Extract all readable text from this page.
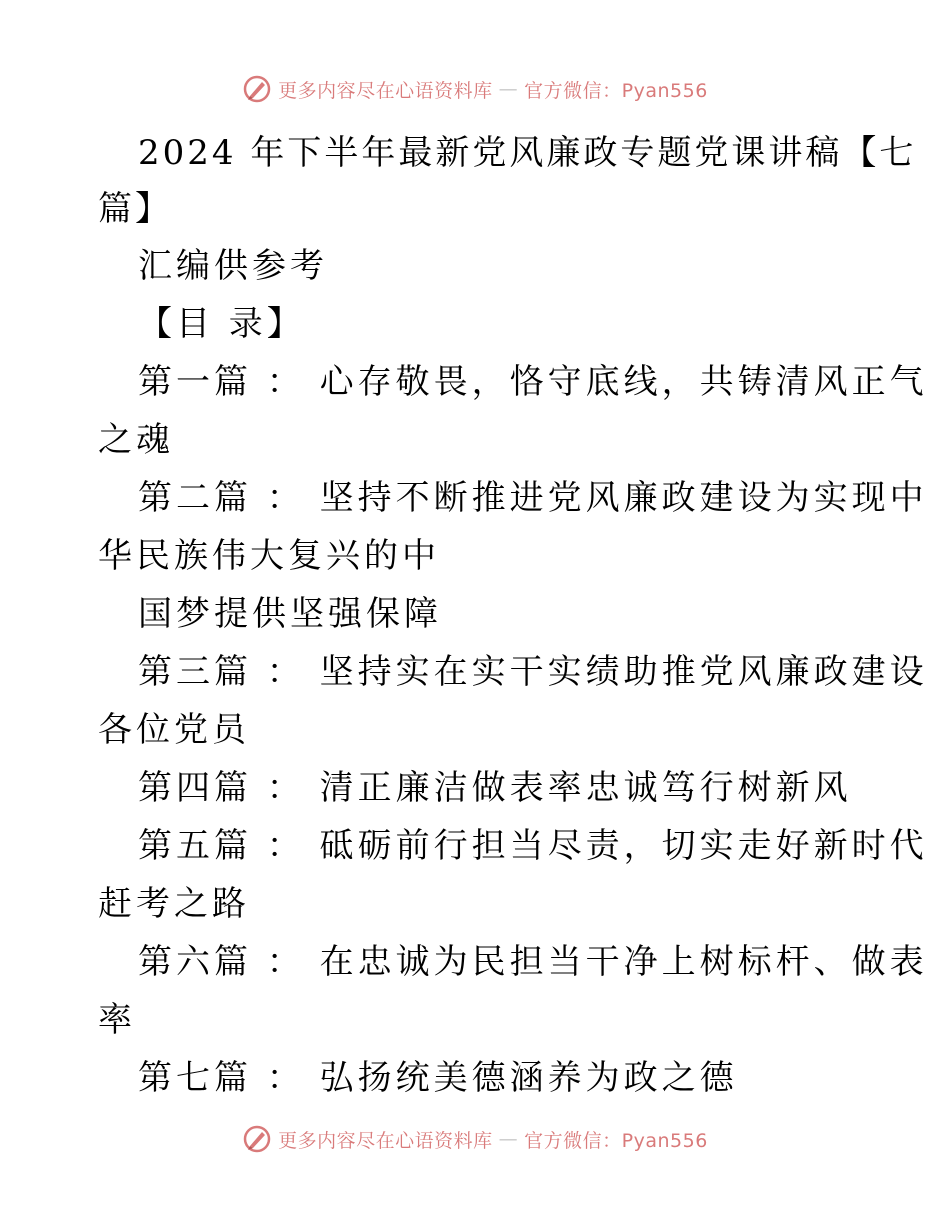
更多内容尽在心语资料库 — 官方微信：Pyan556
2024 年下半年最新党风廉政专题党课讲稿【七
篇】
汇编供参考
【目 录】
第一篇 ： 心存敬畏，恪守底线，共铸清风正气
之魂
第二篇 ： 坚持不断推进党风廉政建设为实现中
华民族伟大复兴的中
国梦提供坚强保障
第三篇 ： 坚持实在实干实绩助推党风廉政建设
各位党员
第四篇 ： 清正廉洁做表率忠诚笃行树新风
第五篇 ： 砥砺前行担当尽责，切实走好新时代
赶考之路
第六篇 ： 在忠诚为民担当干净上树标杆、做表
率
第七篇 ： 弘扬统美德涵养为政之德
更多内容尽在心语资料库 — 官方微信：Pyan556
